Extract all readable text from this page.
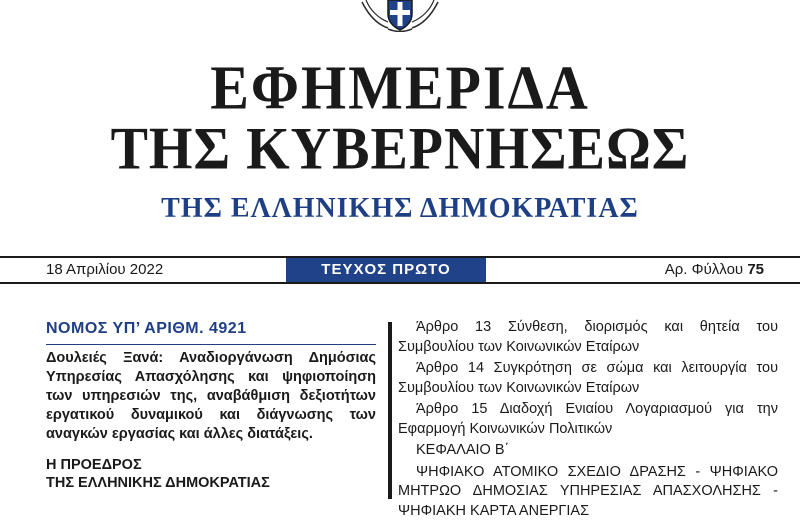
ΕΦΗΜΕΡΙΔΑ
ΤΗΣ ΚΥΒΕΡΝΗΣΕΩΣ
ΤΗΣ ΕΛΛΗΝΙΚΗΣ ΔΗΜΟΚΡΑΤΙΑΣ
18 Απριλίου 2022	ΤΕΥΧΟΣ ΠΡΩΤΟ	Αρ. Φύλλου 75
ΝΟΜΟΣ ΥΠ’ ΑΡΙΘΜ. 4921
Δουλειές Ξανά: Αναδιοργάνωση Δημόσιας Υπηρεσίας Απασχόλησης και ψηφιοποίηση των υπηρεσιών της, αναβάθμιση δεξιοτήτων εργατικού δυναμικού και διάγνωσης των αναγκών εργασίας και άλλες διατάξεις.
Η ΠΡΟΕΔΡΟΣ
ΤΗΣ ΕΛΛΗΝΙΚΗΣ ΔΗΜΟΚΡΑΤΙΑΣ
Άρθρο 13 Σύνθεση, διορισμός και θητεία του Συμβουλίου των Κοινωνικών Εταίρων
Άρθρο 14 Συγκρότηση σε σώμα και λειτουργία του Συμβουλίου των Κοινωνικών Εταίρων
Άρθρο 15 Διαδοχή Ενιαίου Λογαριασμού για την Εφαρμογή Κοινωνικών Πολιτικών
ΚΕΦΑΛΑΙΟ Β΄
ΨΗΦΙΑΚΟ ΑΤΟΜΙΚΟ ΣΧΕΔΙΟ ΔΡΑΣΗΣ - ΨΗΦΙΑΚΟ ΜΗΤΡΩΟ ΔΗΜΟΣΙΑΣ ΥΠΗΡΕΣΙΑΣ ΑΠΑΣΧΟΛΗΣΗΣ - ΨΗΦΙΑΚΗ ΚΑΡΤΑ ΑΝΕΡΓΙΑΣ
